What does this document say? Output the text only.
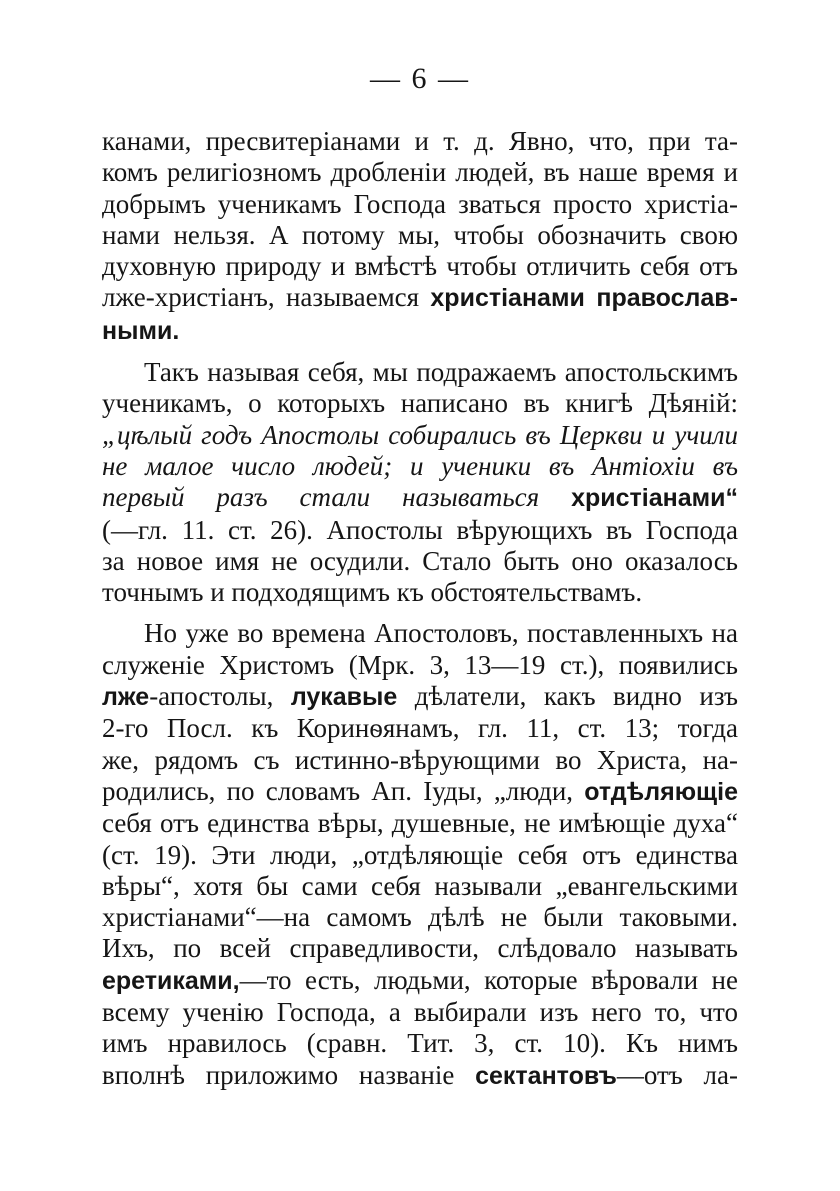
— 6 —
канами, пресвитеріанами и т. д. Явно, что, при та-
комъ религіозномъ дробленіи людей, въ наше время и
добрымъ ученикамъ Господа зваться просто христіа-
нами нельзя. А потому мы, чтобы обозначить свою
духовную природу и вмѣстѣ чтобы отличить себя отъ
лже-христіанъ, называемся христіанами православ-
ными.
Такъ называя себя, мы подражаемъ апостольскимъ
ученикамъ, о которыхъ написано въ книгѣ Дѣяній:
„цѣлый годъ Апостолы собирались въ Церкви и учили
не малое число людей; и ученики въ Антіохіи въ
первый разъ стали называться христіанами“
(—гл. 11. ст. 26). Апостолы вѣрующихъ въ Господа
за новое имя не осудили. Стало быть оно оказалось
точнымъ и подходящимъ къ обстоятельствамъ.
Но уже во времена Апостоловъ, поставленныхъ на
служеніе Христомъ (Мрк. 3, 13—19 ст.), появились
лже-апостолы, лукавые дѣлатели, какъ видно изъ
2-го Посл. къ Коринѳянамъ, гл. 11, ст. 13; тогда
же, рядомъ съ истинно-вѣрующими во Христа, на-
родились, по словамъ Ап. Іуды, „люди, отдѣляющіе
себя отъ единства вѣры, душевные, не имѣющіе духа“
(ст. 19). Эти люди, „отдѣляющіе себя отъ единства
вѣры“, хотя бы сами себя называли „евангельскими
христіанами“—на самомъ дѣлѣ не были таковыми.
Ихъ, по всей справедливости, слѣдовало называть
еретиками,—то есть, людьми, которые вѣровали не
всему ученію Господа, а выбирали изъ него то, что
имъ нравилось (сравн. Тит. 3, ст. 10). Къ нимъ
вполнѣ приложимо названіе сектантовъ—отъ ла-
